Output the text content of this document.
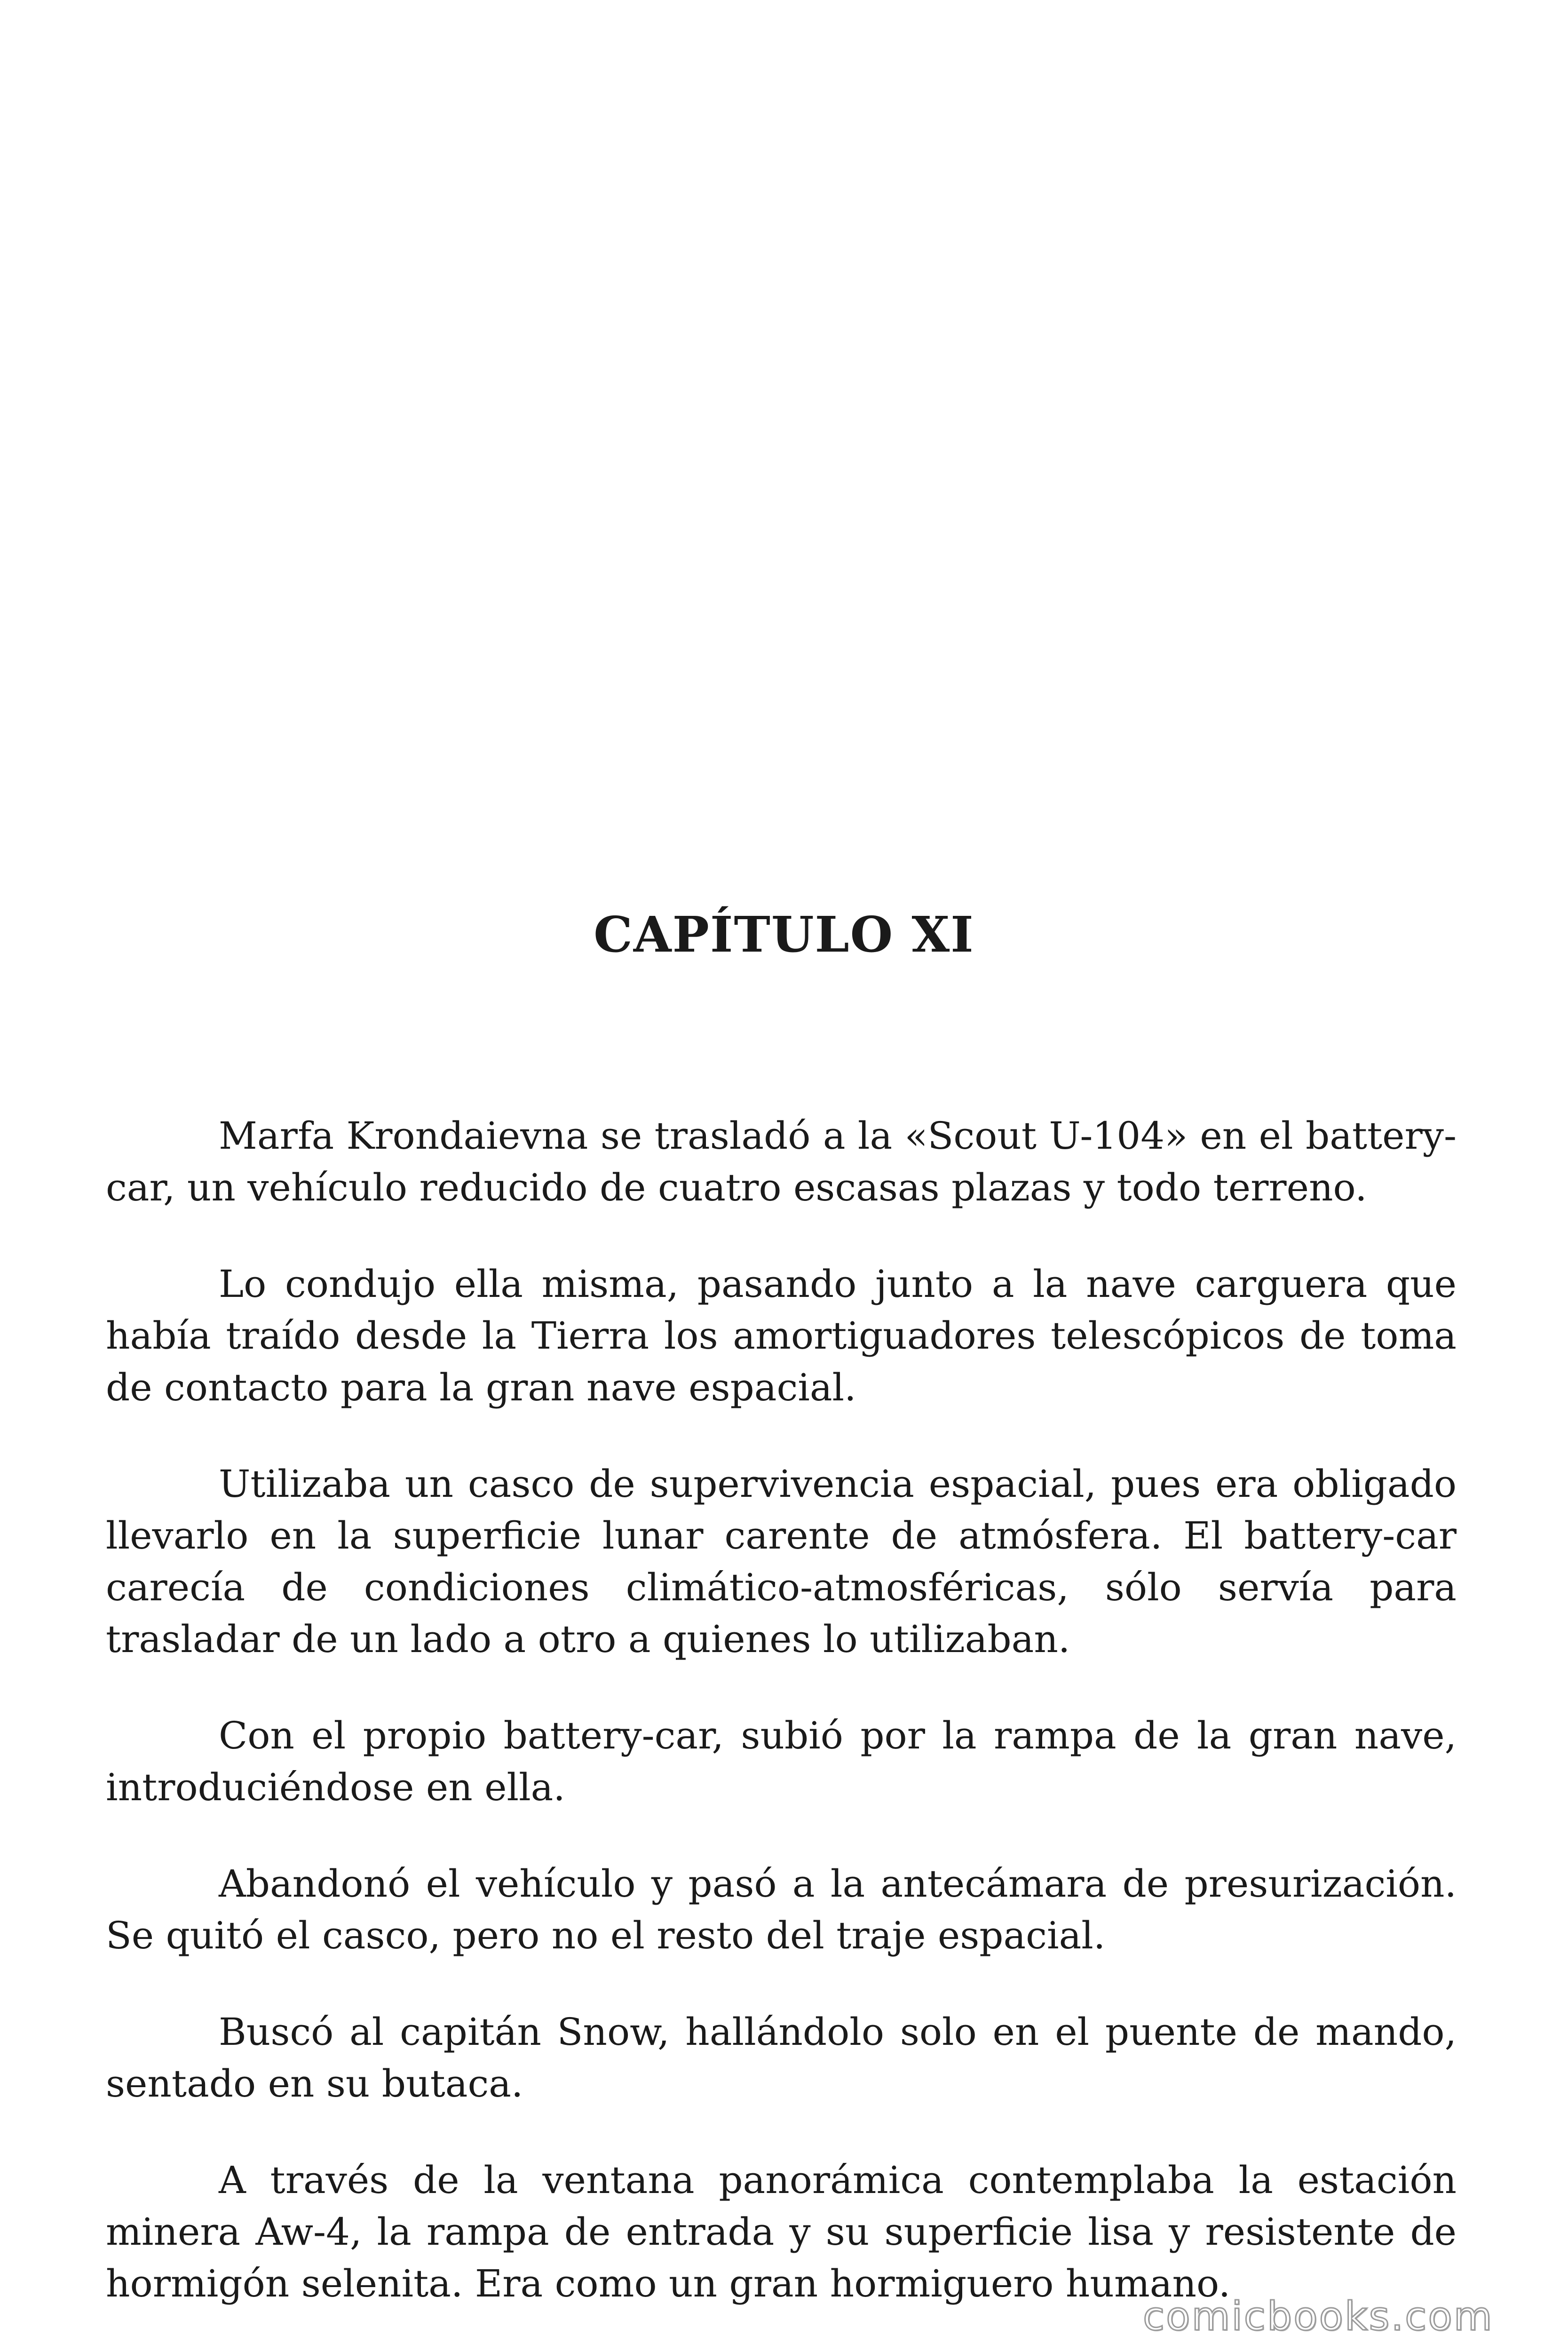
CAPÍTULO XI

Marfa Krondaievna se trasladó a la «Scout U-104» en el battery-car, un vehículo reducido de cuatro escasas plazas y todo terreno.

Lo condujo ella misma, pasando junto a la nave carguera que había traído desde la Tierra los amortiguadores telescópicos de toma de contacto para la gran nave espacial.

Utilizaba un casco de supervivencia espacial, pues era obligado llevarlo en la superficie lunar carente de atmósfera. El battery-car carecía de condiciones climático-atmosféricas, sólo servía para trasladar de un lado a otro a quienes lo utilizaban.

Con el propio battery-car, subió por la rampa de la gran nave, introduciéndose en ella.

Abandonó el vehículo y pasó a la antecámara de presurización. Se quitó el casco, pero no el resto del traje espacial.

Buscó al capitán Snow, hallándolo solo en el puente de mando, sentado en su butaca.

A través de la ventana panorámica contemplaba la estación minera Aw-4, la rampa de entrada y su superficie lisa y resistente de hormigón selenita. Era como un gran hormiguero humano.

comicbooks.com
